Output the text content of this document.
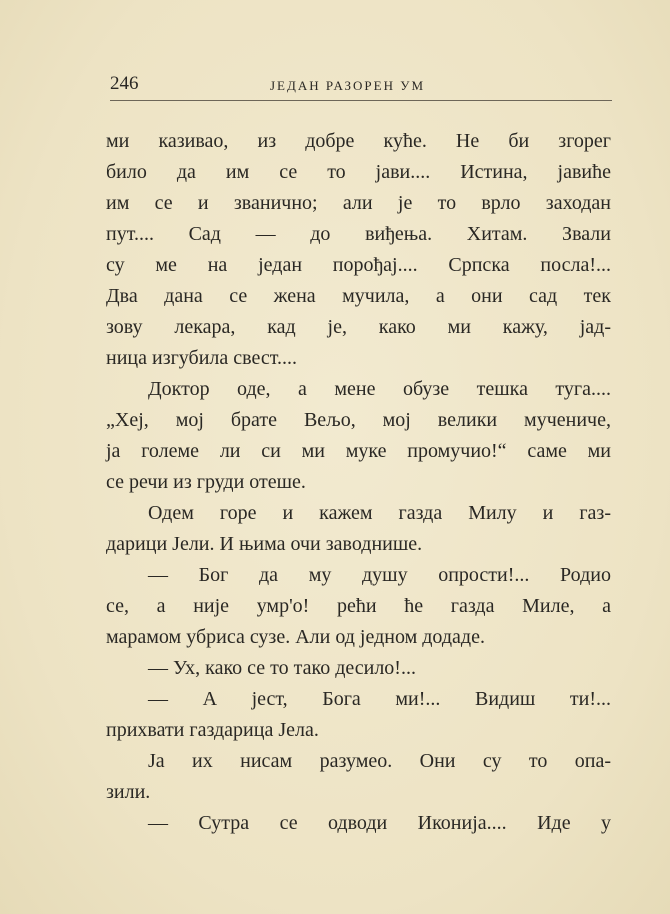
246	ЈЕДАН РАЗОРЕН УМ
ми казивао, из добре куће. Не би згорег
било да им се то јави.... Истина, јавиће
им се и званично; али је то врло заходан
пут.... Сад — до виђења. Хитам. Звали
су ме на један порођај.... Српска посла!...
Два дана се жена мучила, а они сад тек
зову лекара, кад је, како ми кажу, јад-
ница изгубила свест....
Доктор оде, а мене обузе тешка туга....
„Хеј, мој брате Вељо, мој велики мучениче,
ја големе ли си ми муке промучио!“ саме ми
се речи из груди отеше.
Одем горе и кажем газда Милу и газ-
дарици Јели. И њима очи заводнише.
— Бог да му душу опрости!... Родио
се, а није умр'о! рећи ће газда Миле, а
марамом убриса сузе. Али од једном додаде.
— Ух, како се то тако десило!...
— А јест, Бога ми!... Видиш ти!...
прихвати газдарица Јела.
Ја их нисам разумео. Они су то опа-
зили.
— Сутра се одводи Иконија.... Иде у
